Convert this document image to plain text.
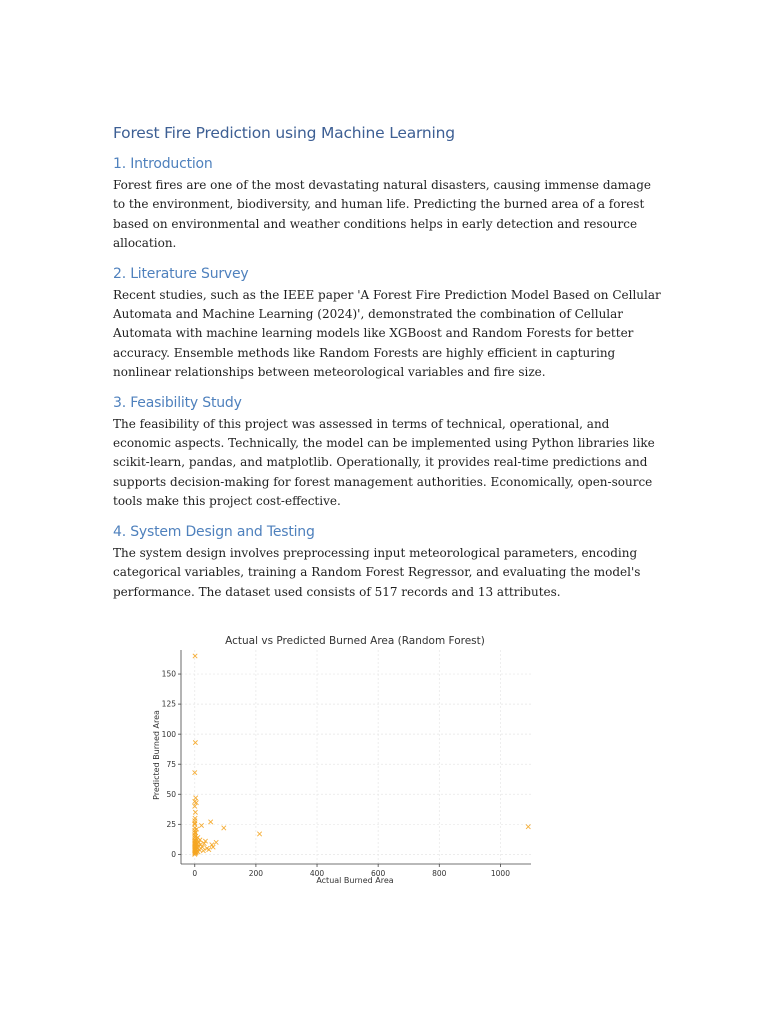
Forest Fire Prediction using Machine Learning
1. Introduction

Forest fires are one of the most devastating natural disasters, causing immense damage to the environment, biodiversity, and human life. Predicting the burned area of a forest based on environmental and weather conditions helps in early detection and resource allocation.

2. Literature Survey

Recent studies, such as the IEEE paper 'A Forest Fire Prediction Model Based on Cellular Automata and Machine Learning (2024)', demonstrated the combination of Cellular Automata with machine learning models like XGBoost and Random Forests for better accuracy. Ensemble methods like Random Forests are highly efficient in capturing nonlinear relationships between meteorological variables and fire size.

3. Feasibility Study

The feasibility of this project was assessed in terms of technical, operational, and economic aspects. Technically, the model can be implemented using Python libraries like scikit-learn, pandas, and matplotlib. Operationally, it provides real-time predictions and supports decision-making for forest management authorities. Economically, open-source tools make this project cost-effective.

4. System Design and Testing

The system design involves preprocessing input meteorological parameters, encoding categorical variables, training a Random Forest Regressor, and evaluating the model's performance. The dataset used consists of 517 records and 13 attributes.

0	200	400	600	800	1000
0
25
50
75
100
125
150
Actual vs Predicted Burned Area (Random Forest)
Actual Burned Area
Predicted Burned Area
